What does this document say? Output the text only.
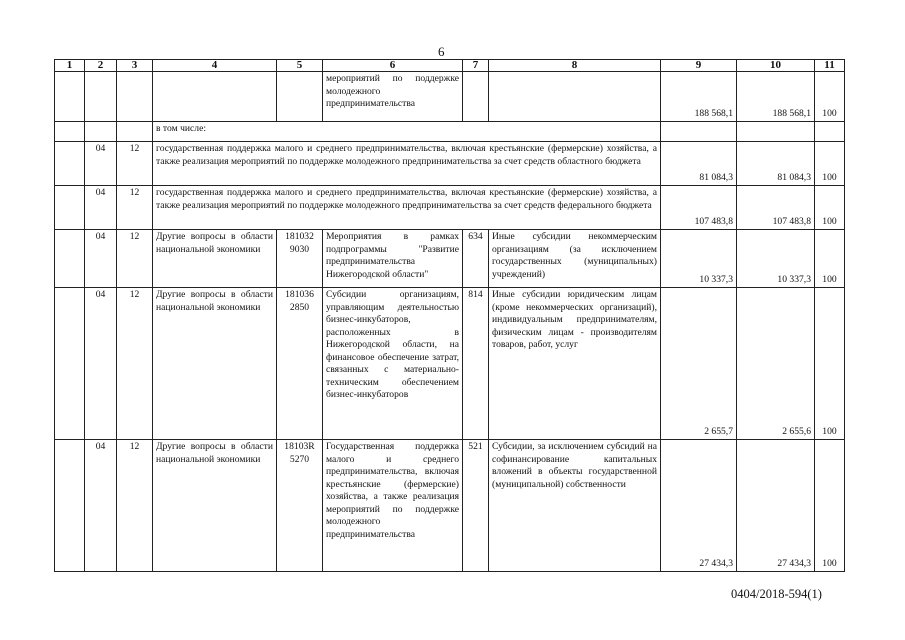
6
1	2	3	4	5	6	7	8	9	10	11
					мероприятий по поддержке молодежного предпринимательства			188 568,1	188 568,1	100
			в том числе:							
	04	12	государственная поддержка малого и среднего предпринимательства, включая крестьянские (фермерские) хозяйства, а также реализация мероприятий по поддержке молодежного предпринимательства за счет средств областного бюджета					81 084,3	81 084,3	100
	04	12	государственная поддержка малого и среднего предпринимательства, включая крестьянские (фермерские) хозяйства, а также реализация мероприятий по поддержке молодежного предпринимательства за счет средств федерального бюджета					107 483,8	107 483,8	100
	04	12	Другие вопросы в области национальной экономики	181032 9030	Мероприятия в рамках подпрограммы "Развитие предпринимательства Нижегородской области"	634	Иные субсидии некоммерческим организациям (за исключением государственных (муниципальных) учреждений)	10 337,3	10 337,3	100
	04	12	Другие вопросы в области национальной экономики	181036 2850	Субсидии организациям, управляющим деятельностью бизнес-инкубаторов, расположенных в Нижегородской области, на финансовое обеспечение затрат, связанных с материально-техническим обеспечением бизнес-инкубаторов	814	Иные субсидии юридическим лицам (кроме некоммерческих организаций), индивидуальным предпринимателям, физическим лицам - производителям товаров, работ, услуг	2 655,7	2 655,6	100
	04	12	Другие вопросы в области национальной экономики	18103R 5270	Государственная поддержка малого и среднего предпринимательства, включая крестьянские (фермерские) хозяйства, а также реализация мероприятий по поддержке молодежного предпринимательства	521	Субсидии, за исключением субсидий на софинансирование капитальных вложений в объекты государственной (муниципальной) собственности	27 434,3	27 434,3	100
0404/2018-594(1)
